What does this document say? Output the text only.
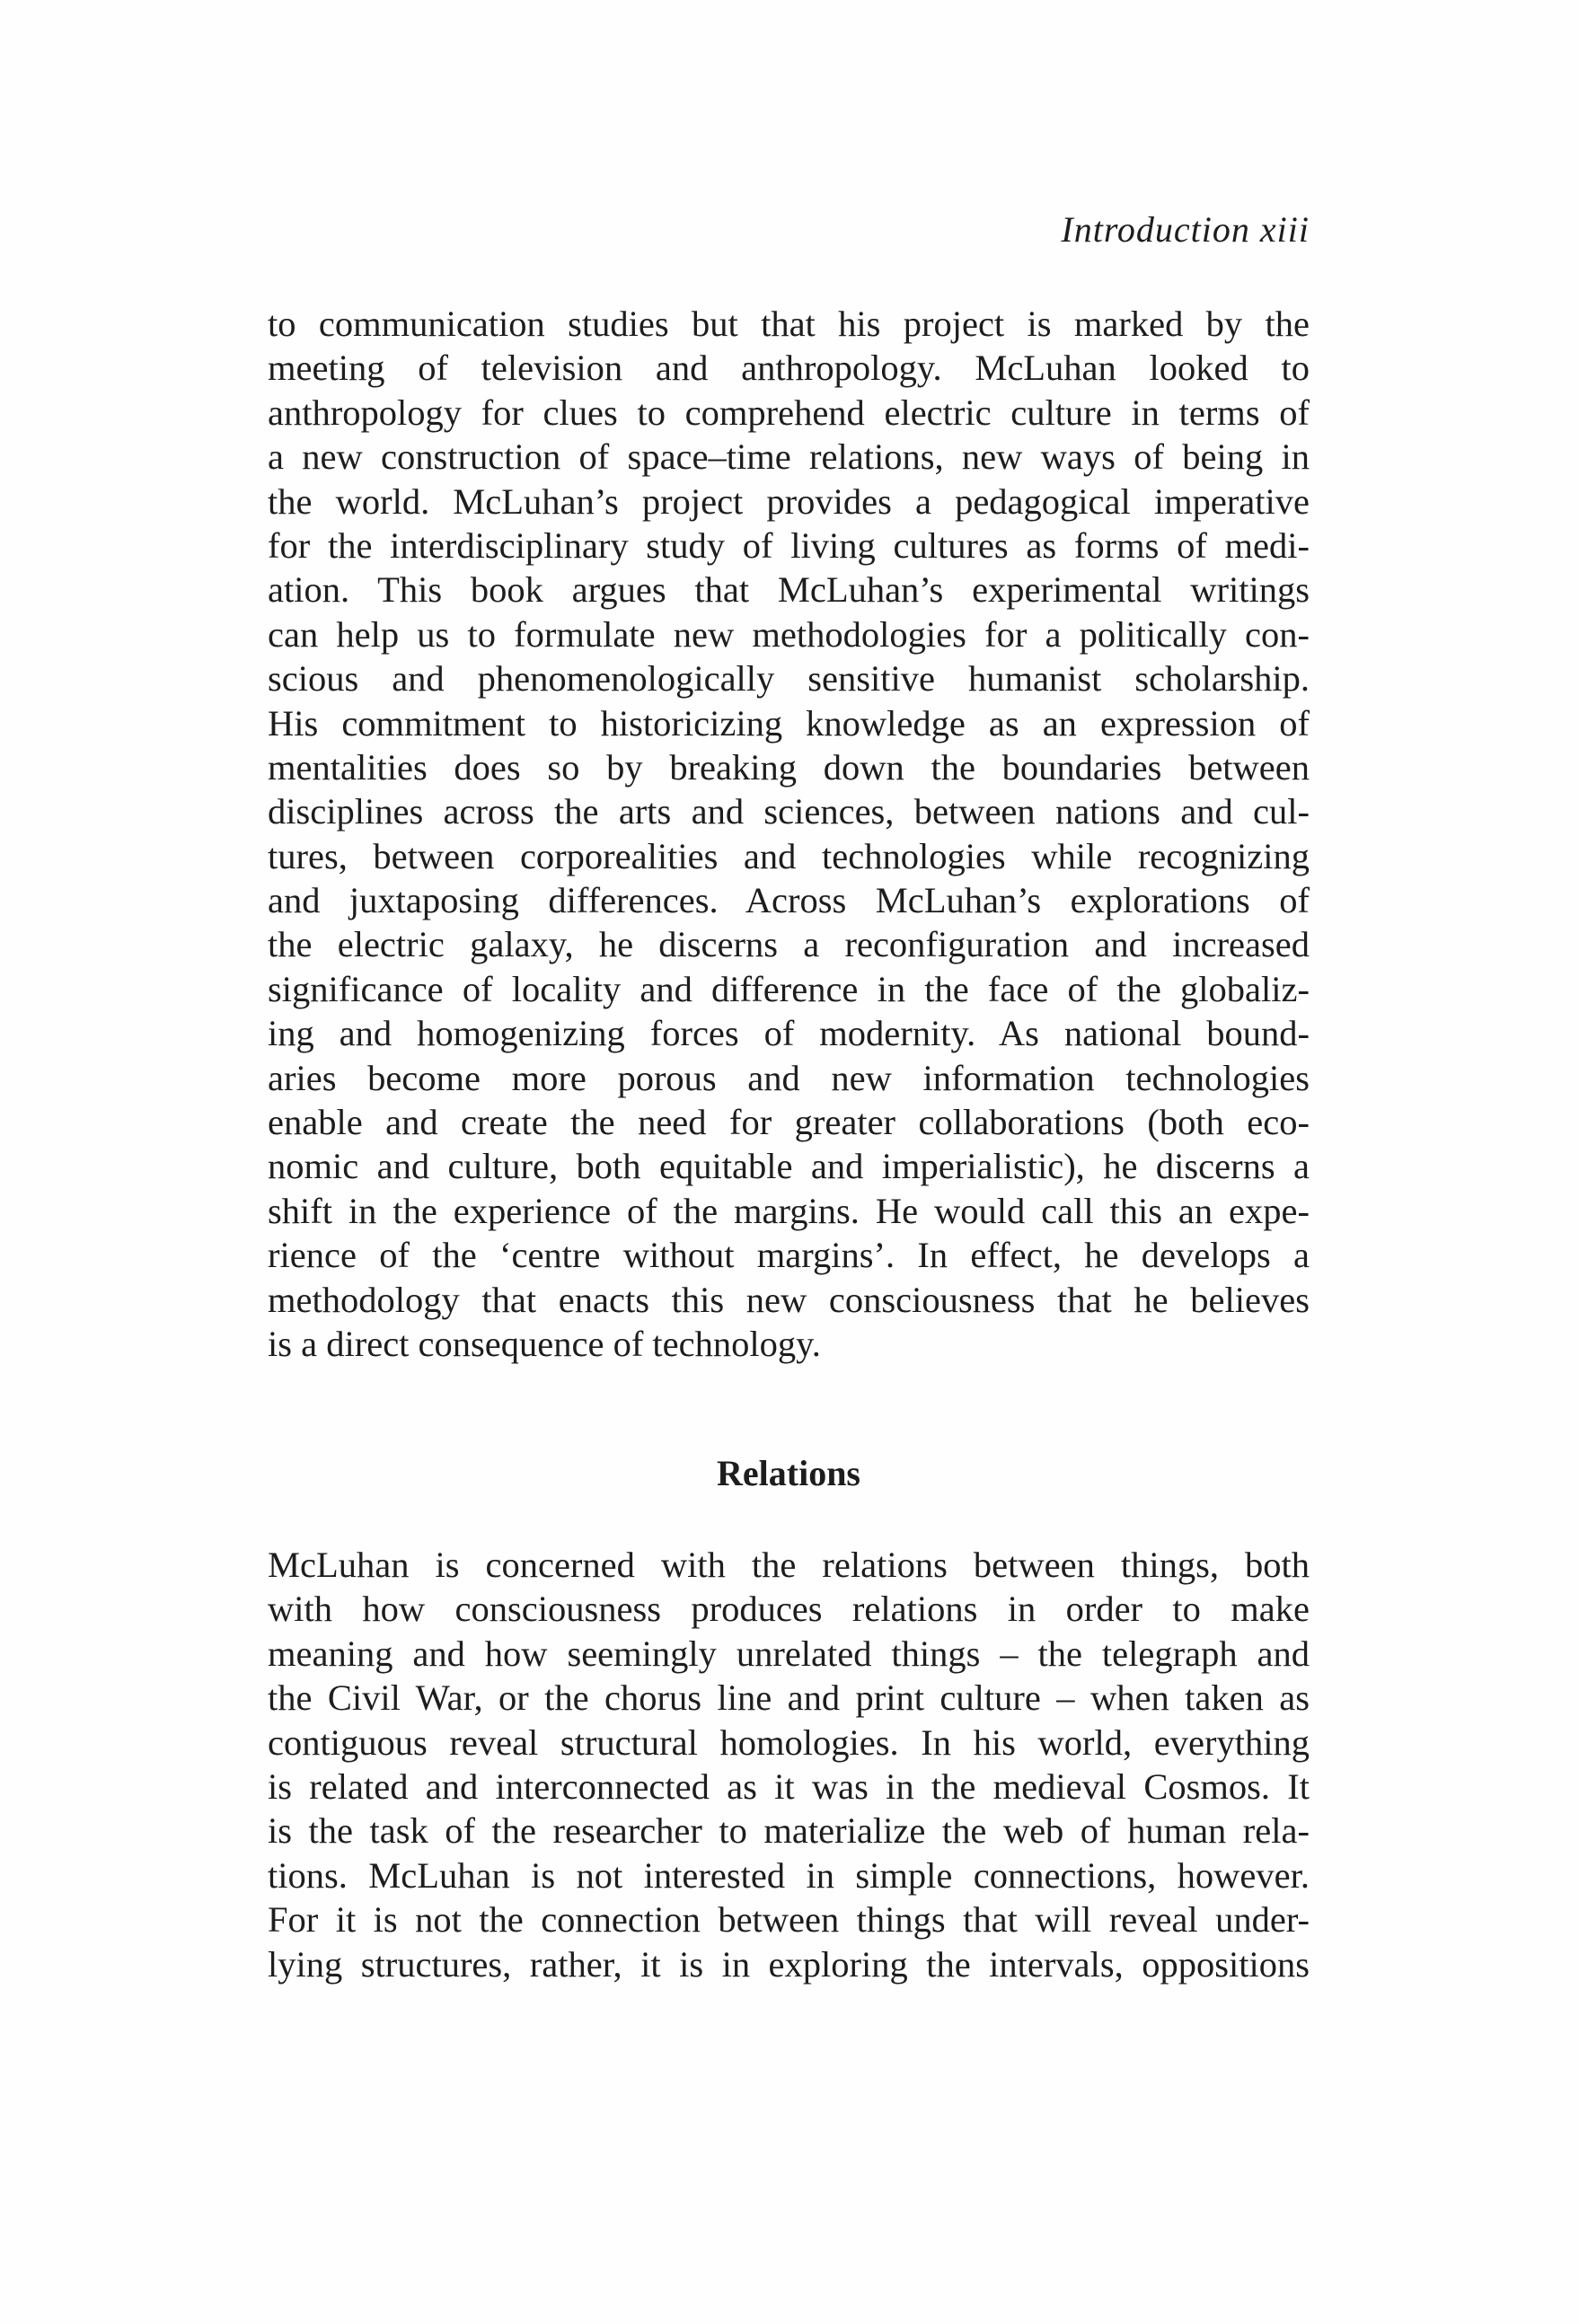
Introduction xiii
to communication studies but that his project is marked by the
meeting of television and anthropology. McLuhan looked to
anthropology for clues to comprehend electric culture in terms of
a new construction of space–time relations, new ways of being in
the world. McLuhan’s project provides a pedagogical imperative
for the interdisciplinary study of living cultures as forms of medi-
ation. This book argues that McLuhan’s experimental writings
can help us to formulate new methodologies for a politically con-
scious and phenomenologically sensitive humanist scholarship.
His commitment to historicizing knowledge as an expression of
mentalities does so by breaking down the boundaries between
disciplines across the arts and sciences, between nations and cul-
tures, between corporealities and technologies while recognizing
and juxtaposing differences. Across McLuhan’s explorations of
the electric galaxy, he discerns a reconfiguration and increased
significance of locality and difference in the face of the globaliz-
ing and homogenizing forces of modernity. As national bound-
aries become more porous and new information technologies
enable and create the need for greater collaborations (both eco-
nomic and culture, both equitable and imperialistic), he discerns a
shift in the experience of the margins. He would call this an expe-
rience of the ‘centre without margins’. In effect, he develops a
methodology that enacts this new consciousness that he believes
is a direct consequence of technology.
Relations
McLuhan is concerned with the relations between things, both
with how consciousness produces relations in order to make
meaning and how seemingly unrelated things – the telegraph and
the Civil War, or the chorus line and print culture – when taken as
contiguous reveal structural homologies. In his world, everything
is related and interconnected as it was in the medieval Cosmos. It
is the task of the researcher to materialize the web of human rela-
tions. McLuhan is not interested in simple connections, however.
For it is not the connection between things that will reveal under-
lying structures, rather, it is in exploring the intervals, oppositions
